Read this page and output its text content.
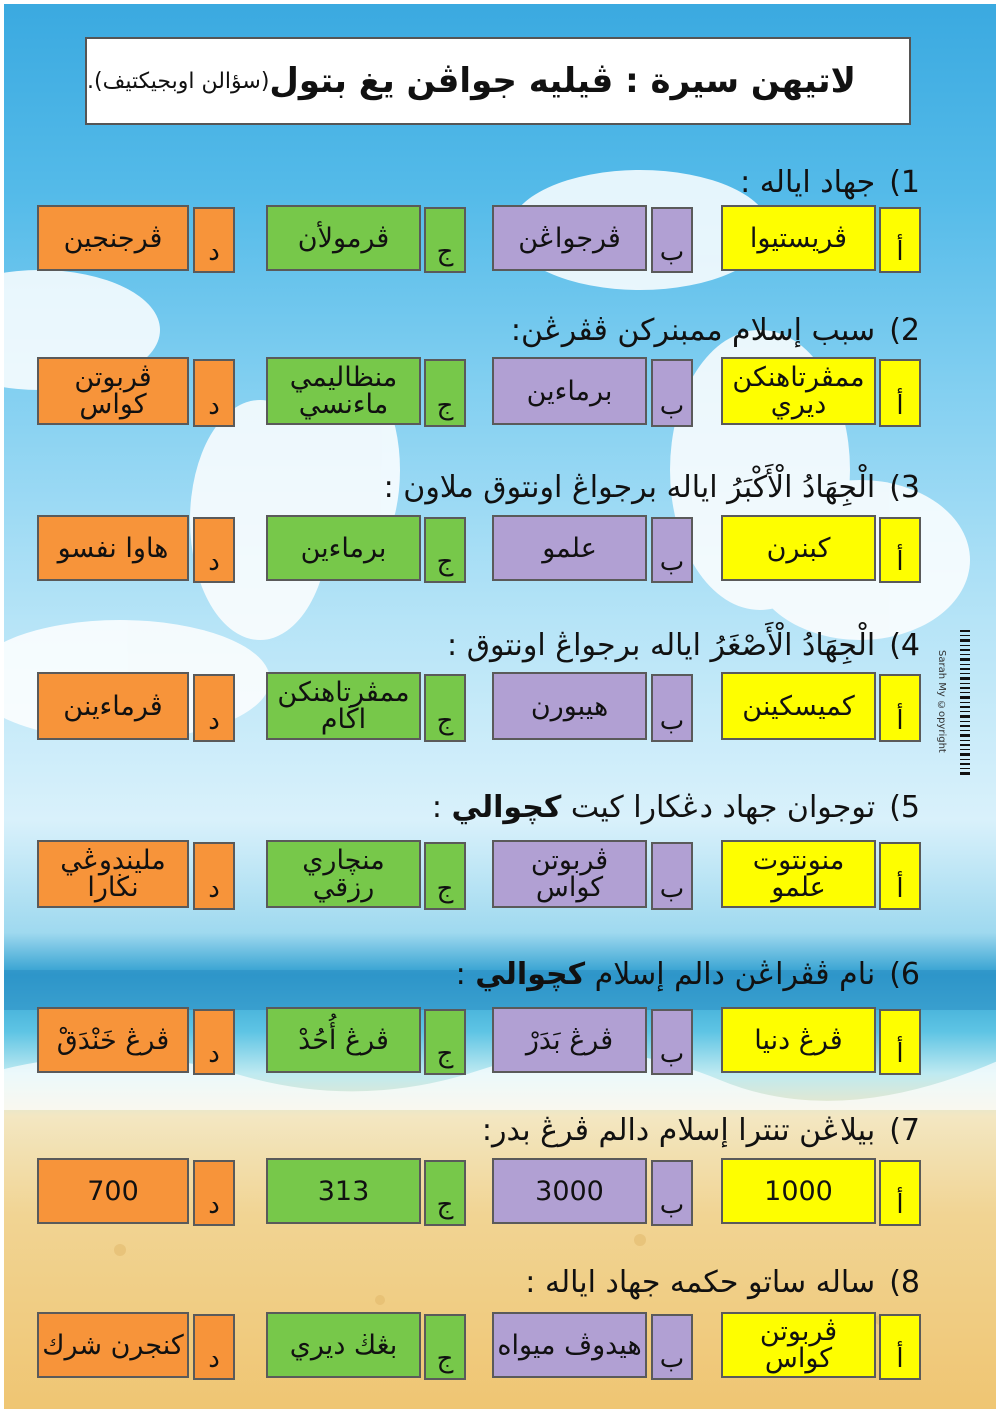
لاتيهن سيرة : ڤيليه جواڤن يغ بتول
(سؤالن اوبجيكتيف).
1)جهاد اياله :
ڤريستيوا	أ
ڤرجواڠن	ب
ڤرمولأن	ج
ڤرجنجين	د
2)سبب إسلام ممبنركن ڤڤرڠن:
ممڤرتاهنكن ديري	أ
برماءين	ب
منظاليمي ماءنسي	ج
ڤربوتن كواس	د
3)الْجِهَادُ الْأَكْبَرُ اياله برجواڠ اونتوق ملاون :
كبنرن	أ
علمو	ب
برماءين	ج
هاوا نفسو	د
4)الْجِهَادُ الْأَصْغَرُ اياله برجواڠ اونتوق :
كميسكينن	أ
هيبورن	ب
ممڤرتاهنكن اڬام	ج
ڤرماءينن	د
5)توجوان جهاد دڠكارا كيت كچوالي :
منونتوت علمو	أ
ڤربوتن كواس	ب
منچاري رزقي	ج
مليندوڠي نڬارا	د
6)نام ڤڤراڠن دالم إسلام كچوالي :
ڤرڠ دنيا	أ
ڤرڠ بَدَرْ	ب
ڤرڠ أُحُدْ	ج
ڤرڠ خَنْدَقْ	د
7)بيلاڠن تنترا إسلام دالم ڤرڠ بدر:
1000	أ
3000	ب
313	ج
700	د
8)ساله ساتو حكمه جهاد اياله :
ڤربوتن كواس	أ
هيدوڤ ميواه ب
بڠڬ ديري	ج
كنجرن شرك د
Sarah My ©opyright
